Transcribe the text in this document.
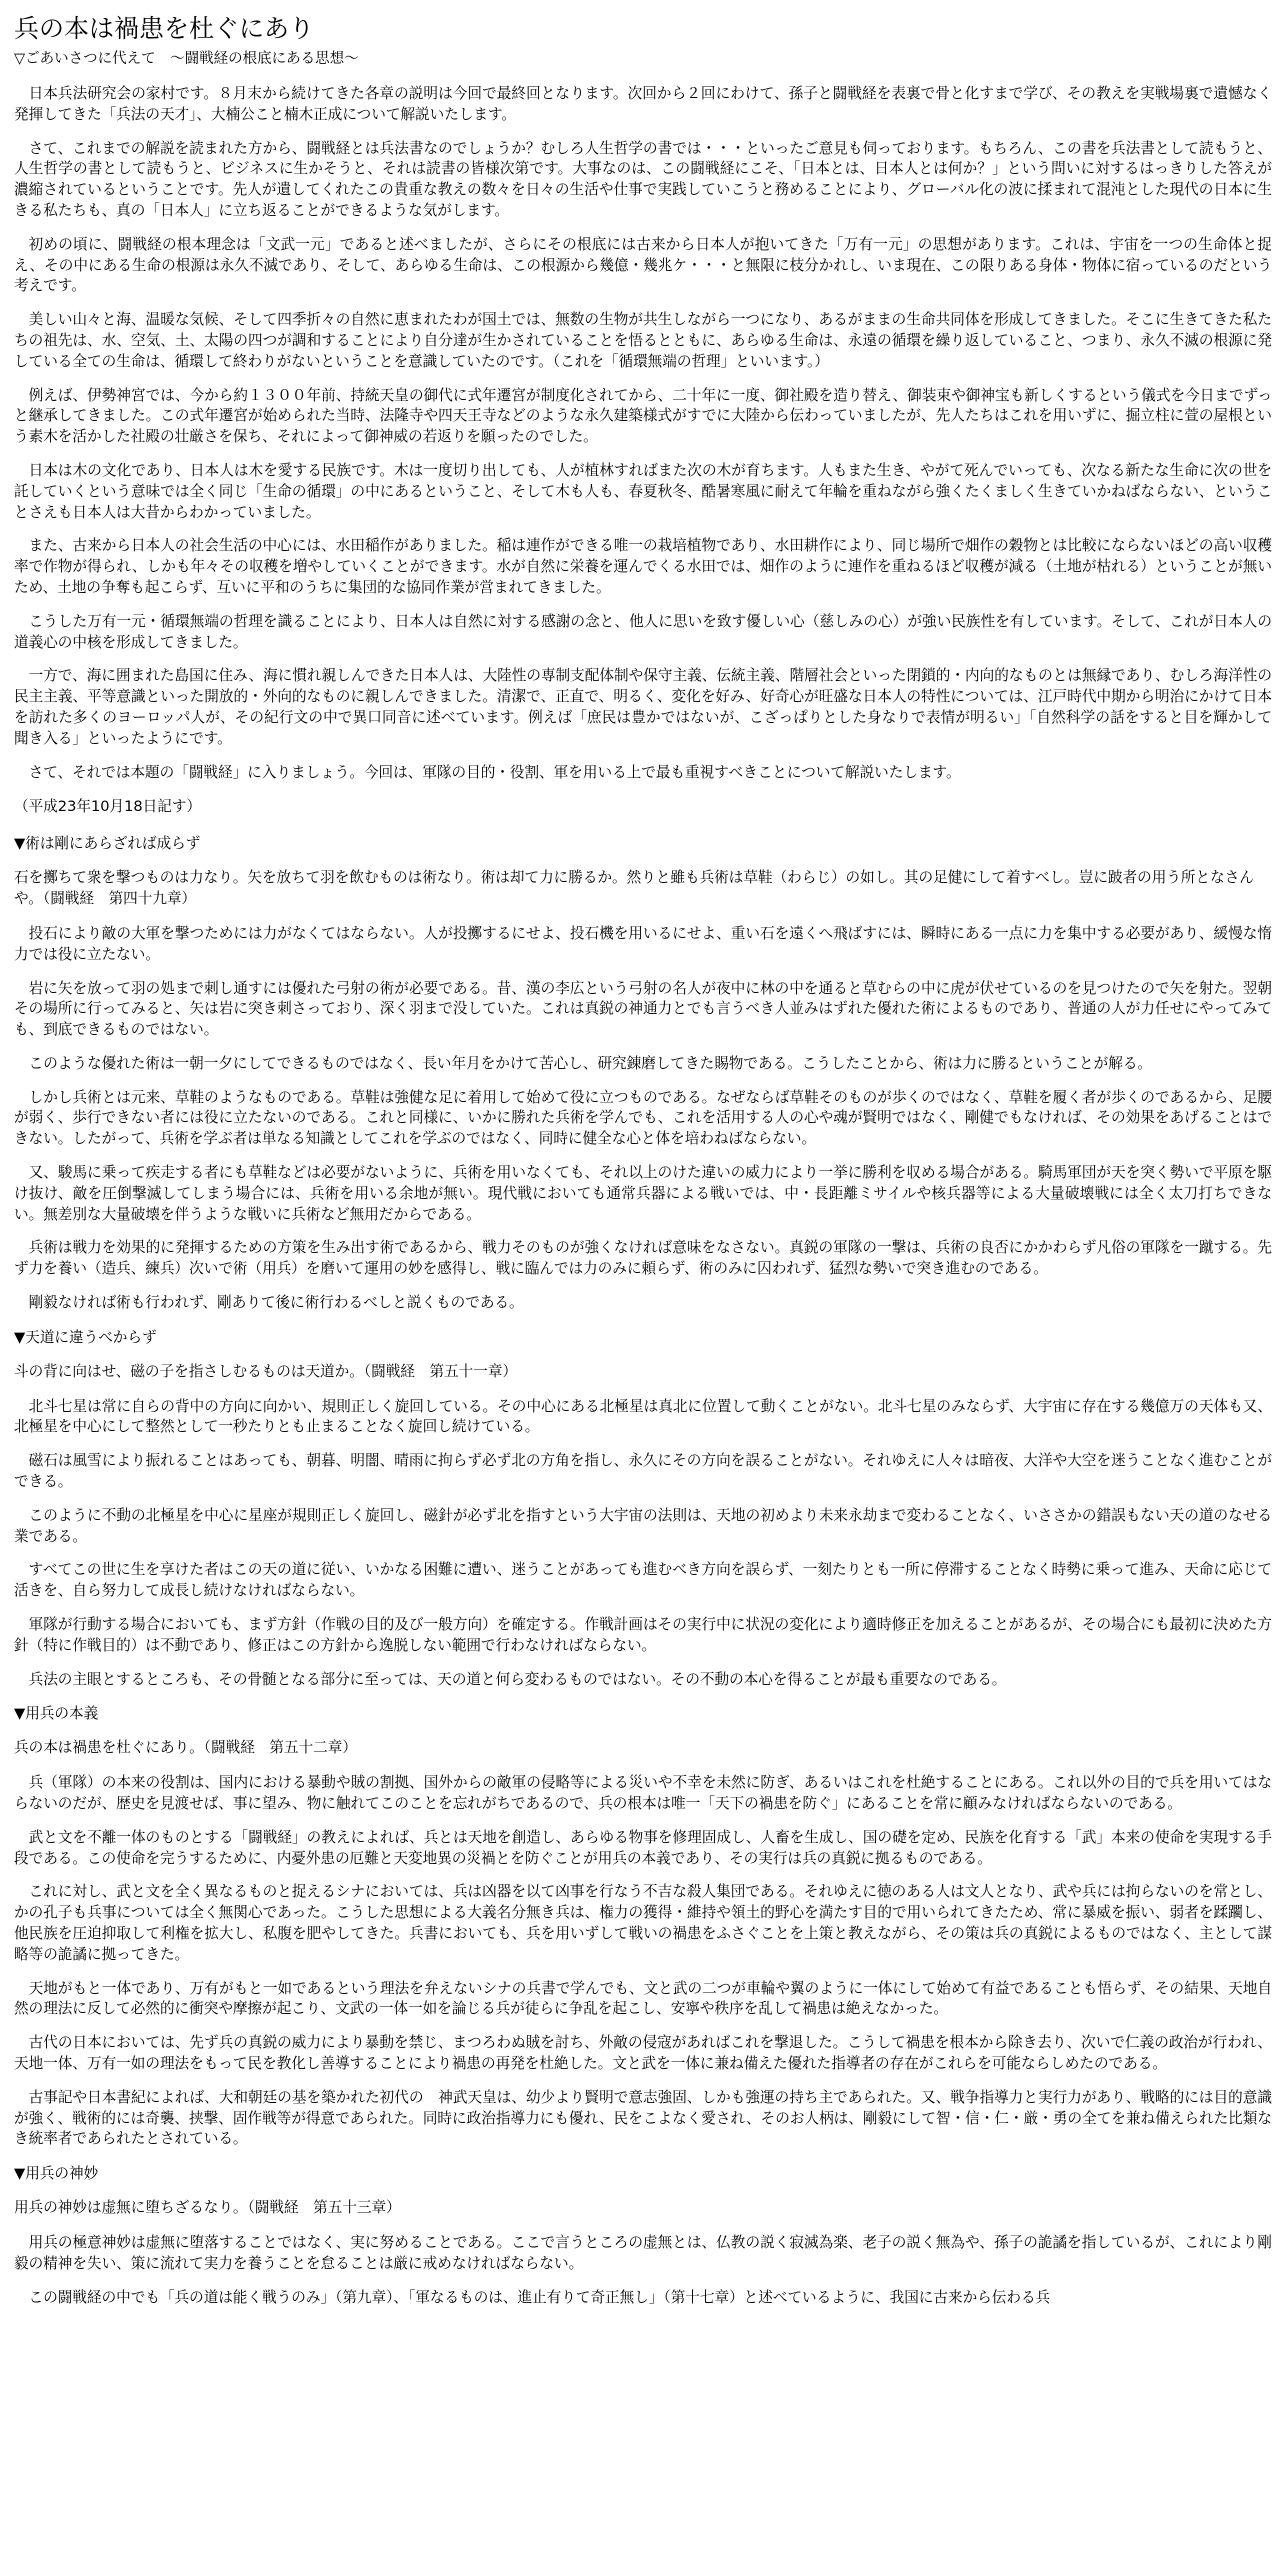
兵の本は禍患を杜ぐにあり
▽ごあいさつに代えて　～闘戦経の根底にある思想～

日本兵法研究会の家村です。８月末から続けてきた各章の説明は今回で最終回となります。次回から２回にわけて、孫子と闘戦経を表裏で骨と化すまで学び、その教えを実戦場裏で遺憾なく発揮してきた「兵法の天才」、大楠公こと楠木正成について解説いたします。

さて、これまでの解説を読まれた方から、闘戦経とは兵法書なのでしょうか？むしろ人生哲学の書では・・・といったご意見も伺っております。もちろん、この書を兵法書として読もうと、人生哲学の書として読もうと、ビジネスに生かそうと、それは読書の皆様次第です。大事なのは、この闘戦経にこそ、「日本とは、日本人とは何か？」という問いに対するはっきりした答えが濃縮されているということです。先人が遺してくれたこの貴重な教えの数々を日々の生活や仕事で実践していこうと務めることにより、グローバル化の波に揉まれて混沌とした現代の日本に生きる私たちも、真の「日本人」に立ち返ることができるような気がします。

初めの頃に、闘戦経の根本理念は「文武一元」であると述べましたが、さらにその根底には古来から日本人が抱いてきた「万有一元」の思想があります。これは、宇宙を一つの生命体と捉え、その中にある生命の根源は永久不滅であり、そして、あらゆる生命は、この根源から幾億・幾兆ケ・・・と無限に枝分かれし、いま現在、この限りある身体・物体に宿っているのだという考えです。

美しい山々と海、温暖な気候、そして四季折々の自然に恵まれたわが国土では、無数の生物が共生しながら一つになり、あるがままの生命共同体を形成してきました。そこに生きてきた私たちの祖先は、水、空気、土、太陽の四つが調和することにより自分達が生かされていることを悟るとともに、あらゆる生命は、永遠の循環を繰り返していること、つまり、永久不滅の根源に発している全ての生命は、循環して終わりがないということを意識していたのです。（これを「循環無端の哲理」といいます。）

例えば、伊勢神宮では、今から約１３００年前、持統天皇の御代に式年遷宮が制度化されてから、二十年に一度、御社殿を造り替え、御装束や御神宝も新しくするという儀式を今日までずっと継承してきました。この式年遷宮が始められた当時、法隆寺や四天王寺などのような永久建築様式がすでに大陸から伝わっていましたが、先人たちはこれを用いずに、掘立柱に萱の屋根という素木を活かした社殿の壮厳さを保ち、それによって御神威の若返りを願ったのでした。

日本は木の文化であり、日本人は木を愛する民族です。木は一度切り出しても、人が植林すればまた次の木が育ちます。人もまた生き、やがて死んでいっても、次なる新たな生命に次の世を託していくという意味では全く同じ「生命の循環」の中にあるということ、そして木も人も、春夏秋冬、酷暑寒風に耐えて年輪を重ねながら強くたくましく生きていかねばならない、ということさえも日本人は大昔からわかっていました。

また、古来から日本人の社会生活の中心には、水田稲作がありました。稲は連作ができる唯一の栽培植物であり、水田耕作により、同じ場所で畑作の穀物とは比較にならないほどの高い収穫率で作物が得られ、しかも年々その収穫を増やしていくことができます。水が自然に栄養を運んでくる水田では、畑作のように連作を重ねるほど収穫が減る（土地が枯れる）ということが無いため、土地の争奪も起こらず、互いに平和のうちに集団的な協同作業が営まれてきました。

こうした万有一元・循環無端の哲理を識ることにより、日本人は自然に対する感謝の念と、他人に思いを致す優しい心（慈しみの心）が強い民族性を有しています。そして、これが日本人の道義心の中核を形成してきました。

一方で、海に囲まれた島国に住み、海に慣れ親しんできた日本人は、大陸性の専制支配体制や保守主義、伝統主義、階層社会といった閉鎖的・内向的なものとは無縁であり、むしろ海洋性の民主主義、平等意識といった開放的・外向的なものに親しんできました。清潔で、正直で、明るく、変化を好み、好奇心が旺盛な日本人の特性については、江戸時代中期から明治にかけて日本を訪れた多くのヨーロッパ人が、その紀行文の中で異口同音に述べています。例えば「庶民は豊かではないが、こざっぱりとした身なりで表情が明るい」「自然科学の話をすると目を輝かして聞き入る」といったようにです。

さて、それでは本題の「闘戦経」に入りましょう。今回は、軍隊の目的・役割、軍を用いる上で最も重視すべきことについて解説いたします。

（平成23年10月18日記す）
▼術は剛にあらざれば成らず
石を擲ちて衆を撃つものは力なり。矢を放ちて羽を飲むものは術なり。術は却て力に勝るか。然りと雖も兵術は草鞋（わらじ）の如し。其の足健にして着すべし。豈に跛者の用う所となさんや。（闘戦経　第四十九章）

投石により敵の大軍を撃つためには力がなくてはならない。人が投擲するにせよ、投石機を用いるにせよ、重い石を遠くへ飛ばすには、瞬時にある一点に力を集中する必要があり、緩慢な惰力では役に立たない。

岩に矢を放って羽の処まで刺し通すには優れた弓射の術が必要である。昔、漢の李広という弓射の名人が夜中に林の中を通ると草むらの中に虎が伏せているのを見つけたので矢を射た。翌朝その場所に行ってみると、矢は岩に突き刺さっており、深く羽まで没していた。これは真鋭の神通力とでも言うべき人並みはずれた優れた術によるものであり、普通の人が力任せにやってみても、到底できるものではない。

このような優れた術は一朝一夕にしてできるものではなく、長い年月をかけて苦心し、研究錬磨してきた賜物である。こうしたことから、術は力に勝るということが解る。

しかし兵術とは元来、草鞋のようなものである。草鞋は強健な足に着用して始めて役に立つものである。なぜならば草鞋そのものが歩くのではなく、草鞋を履く者が歩くのであるから、足腰が弱く、歩行できない者には役に立たないのである。これと同様に、いかに勝れた兵術を学んでも、これを活用する人の心や魂が賢明ではなく、剛健でもなければ、その効果をあげることはできない。したがって、兵術を学ぶ者は単なる知識としてこれを学ぶのではなく、同時に健全な心と体を培わねばならない。

又、駿馬に乗って疾走する者にも草鞋などは必要がないように、兵術を用いなくても、それ以上のけた違いの威力により一挙に勝利を収める場合がある。騎馬軍団が天を突く勢いで平原を駆け抜け、敵を圧倒撃滅してしまう場合には、兵術を用いる余地が無い。現代戦においても通常兵器による戦いでは、中・長距離ミサイルや核兵器等による大量破壊戦には全く太刀打ちできない。無差別な大量破壊を伴うような戦いに兵術など無用だからである。

兵術は戦力を効果的に発揮するための方策を生み出す術であるから、戦力そのものが強くなければ意味をなさない。真鋭の軍隊の一撃は、兵術の良否にかかわらず凡俗の軍隊を一蹴する。先ず力を養い（造兵、練兵）次いで術（用兵）を磨いて運用の妙を感得し、戦に臨んでは力のみに頼らず、術のみに囚われず、猛烈な勢いで突き進むのである。

剛毅なければ術も行われず、剛ありて後に術行わるべしと説くものである。

▼天道に違うべからず
斗の背に向はせ、磁の子を指さしむるものは天道か。（闘戦経　第五十一章）

北斗七星は常に自らの背中の方向に向かい、規則正しく旋回している。その中心にある北極星は真北に位置して動くことがない。北斗七星のみならず、大宇宙に存在する幾億万の天体も又、北極星を中心にして整然として一秒たりとも止まることなく旋回し続けている。

磁石は風雪により振れることはあっても、朝暮、明闇、晴雨に拘らず必ず北の方角を指し、永久にその方向を誤ることがない。それゆえに人々は暗夜、大洋や大空を迷うことなく進むことができる。

このように不動の北極星を中心に星座が規則正しく旋回し、磁針が必ず北を指すという大宇宙の法則は、天地の初めより未来永劫まで変わることなく、いささかの錯誤もない天の道のなせる業である。

すべてこの世に生を享けた者はこの天の道に従い、いかなる困難に遭い、迷うことがあっても進むべき方向を誤らず、一刻たりとも一所に停滞することなく時勢に乗って進み、天命に応じて活きを、自ら努力して成長し続けなければならない。

軍隊が行動する場合においても、まず方針（作戦の目的及び一般方向）を確定する。作戦計画はその実行中に状況の変化により適時修正を加えることがあるが、その場合にも最初に決めた方針（特に作戦目的）は不動であり、修正はこの方針から逸脱しない範囲で行わなければならない。

兵法の主眼とするところも、その骨髄となる部分に至っては、天の道と何ら変わるものではない。その不動の本心を得ることが最も重要なのである。

▼用兵の本義
兵の本は禍患を杜ぐにあり。（闘戦経　第五十二章）

兵（軍隊）の本来の役割は、国内における暴動や賊の割拠、国外からの敵軍の侵略等による災いや不幸を未然に防ぎ、あるいはこれを杜絶することにある。これ以外の目的で兵を用いてはならないのだが、歴史を見渡せば、事に望み、物に触れてこのことを忘れがちであるので、兵の根本は唯一「天下の禍患を防ぐ」にあることを常に顧みなければならないのである。

武と文を不離一体のものとする「闘戦経」の教えによれば、兵とは天地を創造し、あらゆる物事を修理固成し、人畜を生成し、国の礎を定め、民族を化育する「武」本来の使命を実現する手段である。この使命を完うするために、内憂外患の厄難と天変地異の災禍とを防ぐことが用兵の本義であり、その実行は兵の真鋭に拠るものである。

これに対し、武と文を全く異なるものと捉えるシナにおいては、兵は凶器を以て凶事を行なう不吉な殺人集団である。それゆえに徳のある人は文人となり、武や兵には拘らないのを常とし、かの孔子も兵事については全く無関心であった。こうした思想による大義名分無き兵は、権力の獲得・維持や領土的野心を満たす目的で用いられてきたため、常に暴威を振い、弱者を蹂躙し、他民族を圧迫抑取して利権を拡大し、私腹を肥やしてきた。兵書においても、兵を用いずして戦いの禍患をふさぐことを上策と教えながら、その策は兵の真鋭によるものではなく、主として謀略等の詭譎に拠ってきた。

天地がもと一体であり、万有がもと一如であるという理法を弁えないシナの兵書で学んでも、文と武の二つが車輪や翼のように一体にして始めて有益であることも悟らず、その結果、天地自然の理法に反して必然的に衝突や摩擦が起こり、文武の一体一如を論じる兵が徒らに争乱を起こし、安寧や秩序を乱して禍患は絶えなかった。

古代の日本においては、先ず兵の真鋭の威力により暴動を禁じ、まつろわぬ賊を討ち、外敵の侵寇があればこれを撃退した。こうして禍患を根本から除き去り、次いで仁義の政治が行われ、天地一体、万有一如の理法をもって民を教化し善導することにより禍患の再発を杜絶した。文と武を一体に兼ね備えた優れた指導者の存在がこれらを可能ならしめたのである。

古事記や日本書紀によれば、大和朝廷の基を築かれた初代の　神武天皇は、幼少より賢明で意志強固、しかも強運の持ち主であられた。又、戦争指導力と実行力があり、戦略的には目的意識が強く、戦術的には奇襲、挟撃、固作戦等が得意であられた。同時に政治指導力にも優れ、民をこよなく愛され、そのお人柄は、剛毅にして智・信・仁・厳・勇の全てを兼ね備えられた比類なき統率者であられたとされている。

▼用兵の神妙
用兵の神妙は虚無に堕ちざるなり。（闘戦経　第五十三章）

用兵の極意神妙は虚無に堕落することではなく、実に努めることである。ここで言うところの虚無とは、仏教の説く寂滅為楽、老子の説く無為や、孫子の詭譎を指しているが、これにより剛毅の精神を失い、策に流れて実力を養うことを怠ることは厳に戒めなければならない。

この闘戦経の中でも「兵の道は能く戦うのみ」（第九章）、「軍なるものは、進止有りて奇正無し」（第十七章）と述べているように、我国に古来から伝わる兵
